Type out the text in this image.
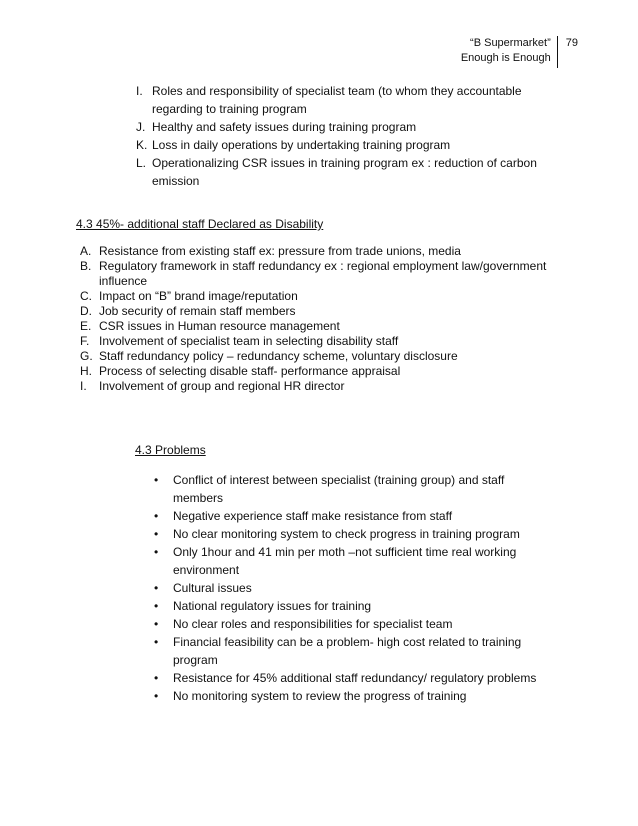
“B Supermarket”
Enough is Enough
79
I. Roles and responsibility of specialist team (to whom they accountable regarding to training program
J. Healthy and safety issues during training program
K. Loss in daily operations by undertaking training program
L. Operationalizing CSR issues in training program ex : reduction of carbon emission
4.3 45%- additional staff Declared as Disability
A. Resistance from existing staff ex: pressure from trade unions, media
B. Regulatory framework in staff redundancy ex : regional employment law/government influence
C. Impact on “B” brand image/reputation
D. Job security of remain staff members
E. CSR issues in Human resource management
F. Involvement of specialist team in selecting disability staff
G. Staff redundancy policy – redundancy scheme, voluntary disclosure
H. Process of selecting disable staff- performance appraisal
I. Involvement of group and regional HR director
4.3 Problems
• Conflict of interest between specialist (training group) and staff members
• Negative experience staff make resistance from staff
• No clear monitoring system to check progress in training program
• Only 1hour and 41 min per moth –not sufficient time real working environment
• Cultural issues
• National regulatory issues for training
• No clear roles and responsibilities for specialist team
• Financial feasibility can be a problem- high cost related to training program
• Resistance for 45% additional staff redundancy/ regulatory problems
• No monitoring system to review the progress of training
